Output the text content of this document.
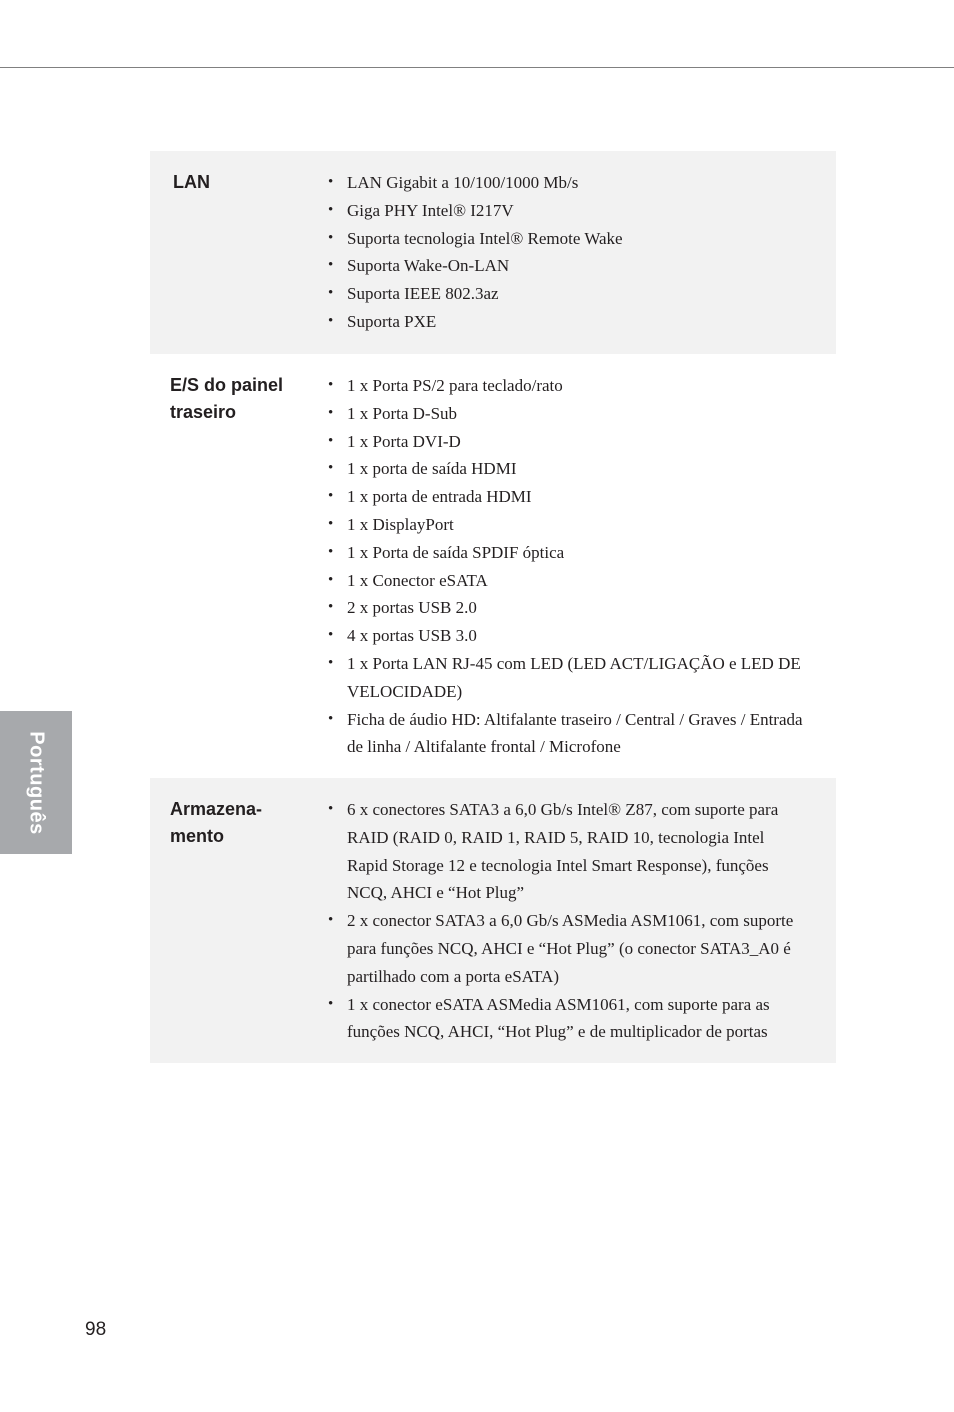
Português
LAN
•	LAN Gigabit a 10/100/1000 Mb/s
• Giga PHY Intel® I217V
• Suporta tecnologia Intel® Remote Wake
• Suporta Wake-On-LAN
• Suporta IEEE 802.3az
• Suporta PXE
E/S do painel
traseiro
• 1 x Porta PS/2 para teclado/rato
• 1 x Porta D-Sub
• 1 x Porta DVI-D
• 1 x porta de saída HDMI
• 1 x porta de entrada HDMI
• 1 x DisplayPort
• 1 x Porta de saída SPDIF óptica
• 1 x Conector eSATA
• 2 x portas USB 2.0
• 4 x portas USB 3.0
• 1 x Porta LAN RJ-45 com LED (LED ACT/LIGAÇÃO e LED DE VELOCIDADE)
• Ficha de áudio HD: Altifalante traseiro / Central / Graves / Entrada de linha / Altifalante frontal / Microfone
Armazena-
mento
• 6 x conectores SATA3 a 6,0 Gb/s Intel® Z87, com suporte para RAID (RAID 0, RAID 1, RAID 5, RAID 10, tecnologia Intel Rapid Storage 12 e tecnologia Intel Smart Response), funções NCQ, AHCI e “Hot Plug”
• 2 x conector SATA3 a 6,0 Gb/s ASMedia ASM1061, com suporte para funções NCQ, AHCI e “Hot Plug” (o conector SATA3_A0 é partilhado com a porta eSATA)
• 1 x conector eSATA ASMedia ASM1061, com suporte para as funções NCQ, AHCI, “Hot Plug” e de multiplicador de portas
98
